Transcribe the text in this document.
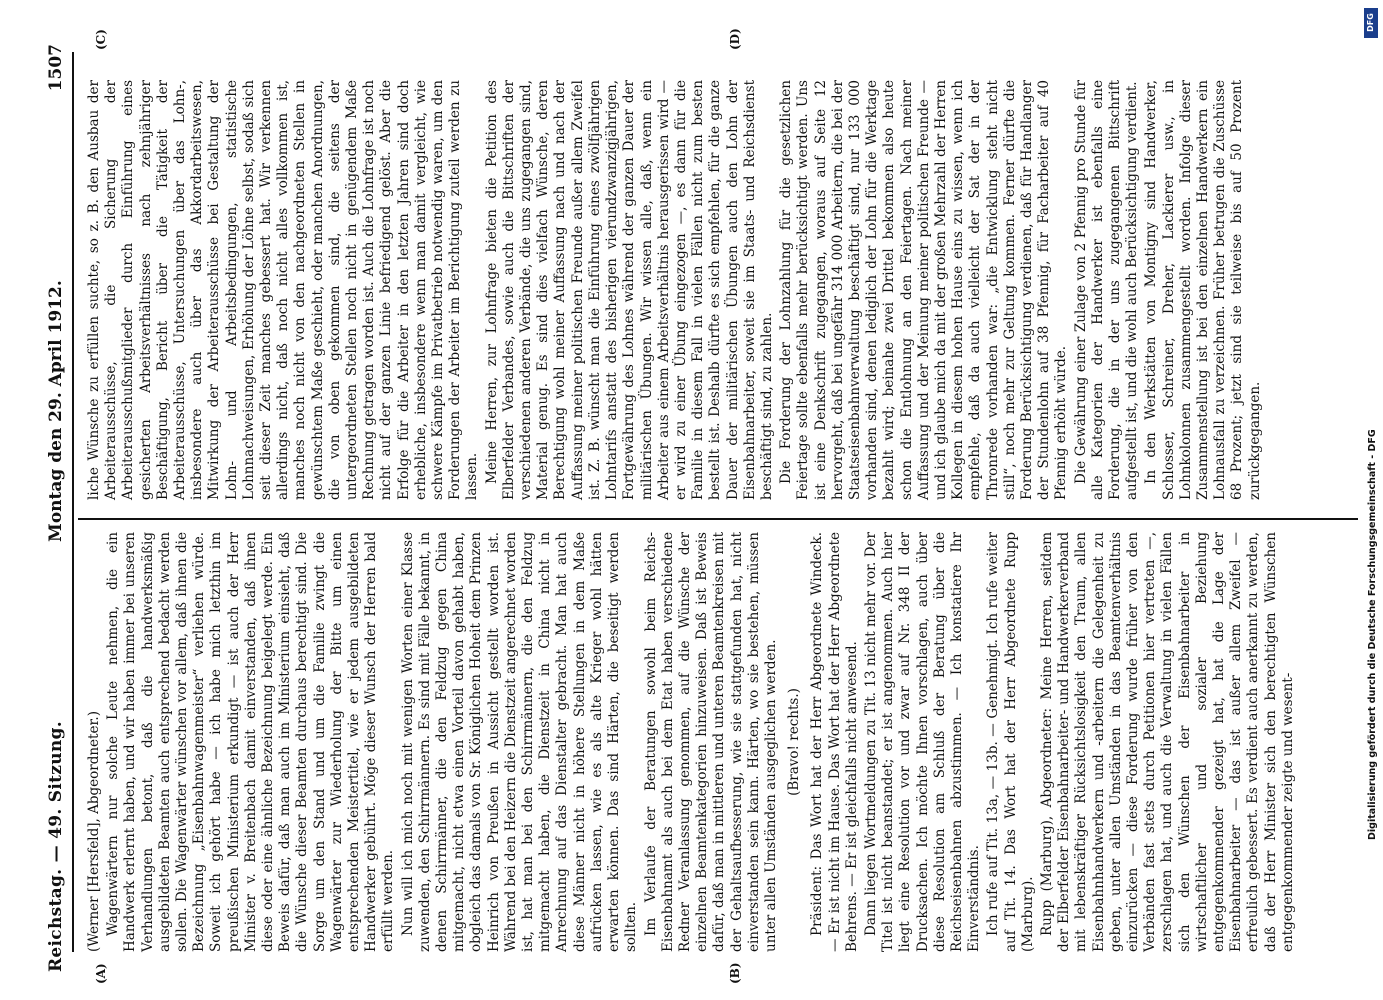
Reichstag. — 49. Sitzung.
Montag den 29. April 1912.
1507
(A)	(B)
(C)	(D)

(Werner [Hersfeld], Abgeordneter.) Wagenwärtern nur solche Leute nehmen, die ein Handwerk erlernt haben, und wir haben immer bei unseren Verhandlungen betont, daß die handwerksmäßig ausgebildeten Beamten auch entsprechend bedacht werden sollen. Die Wagenwärter wünschen vor allem, daß ihnen die Bezeichnung „Eisenbahnwagenmeister“ verliehen würde. Soweit ich gehört habe — ich habe mich letzthin im preußischen Ministerium erkundigt — ist auch der Herr Minister v. Breitenbach damit einverstanden, daß ihnen diese oder eine ähnliche Bezeichnung beigelegt werde. Ein Beweis dafür, daß man auch im Ministerium einsieht, daß die Wünsche dieser Beamten durchaus berechtigt sind. Die Sorge um den Stand und um die Familie zwingt die Wagenwärter zur Wiederholung der Bitte um einen entsprechenden Meistertitel, wie er jedem ausgebildeten Handwerker gebührt. Möge dieser Wunsch der Herren bald erfüllt werden. Nun will ich mich noch mit wenigen Worten einer Klasse zuwenden, den Schirrmännern. Es sind mit Fälle bekannt, in denen Schirrmänner, die den Feldzug gegen China mitgemacht, nicht etwa einen Vorteil davon gehabt haben, obgleich das damals von Sr. Königlichen Hoheit dem Prinzen Heinrich von Preußen in Aussicht gestellt worden ist. Während bei den Heizern die Dienstzeit angerechnet worden ist, hat man bei den Schirrmännern, die den Feldzug mitgemacht haben, die Dienstzeit in China nicht in Anrechnung auf das Dienstalter gebracht. Man hat auch diese Männer nicht in höhere Stellungen in dem Maße aufrücken lassen, wie es als alte Krieger wohl hätten erwarten können. Das sind Härten, die beseitigt werden sollten. Im Verlaufe der Beratungen sowohl beim Reichs-Eisenbahnamt als auch bei dem Etat haben verschiedene Redner Veranlassung genommen, auf die Wünsche der einzelnen Beamtenkategorien hinzuweisen. Daß ist Beweis dafür, daß man in mittleren und unteren Beamtenkreisen mit der Gehaltsaufbesserung, wie sie stattgefunden hat, nicht einverstanden sein kann. Härten, wo sie bestehen, müssen unter allen Umständen ausgeglichen werden. (Bravo! rechts.) Präsident: Das Wort hat der Herr Abgeordnete Windeck. — Er ist nicht im Hause. Das Wort hat der Herr Abgeordnete Behrens. — Er ist gleichfalls nicht anwesend. Dann liegen Wortmeldungen zu Tit. 13 nicht mehr vor. Der Titel ist nicht beanstandet; er ist angenommen. Auch hier liegt eine Resolution vor und zwar auf Nr. 348 II der Drucksachen. Ich möchte Ihnen vorschlagen, auch über diese Resolution am Schluß der Beratung über die Reichseisenbahnen abzustimmen. — Ich konstatiere Ihr Einverständnis. Ich rufe auf Tit. 13a, — 13b. — Genehmigt. Ich rufe weiter auf Tit. 14. Das Wort hat der Herr Abgeordnete Rupp (Marburg). Rupp (Marburg), Abgeordneter: Meine Herren, seitdem der Elberfelder Eisenbahnarbeiter- und Handwerkerverband mit lebenskräftiger Rücksichtslosigkeit den Traum, allen Eisenbahnhandwerkern und -arbeitern die Gelegenheit zu geben, unter allen Umständen in das Beamtenverhältnis einzurücken — diese Forderung wurde früher von den Verbänden fast stets durch Petitionen hier vertreten —, zerschlagen hat, und auch die Verwaltung in vielen Fällen sich den Wünschen der Eisenbahnarbeiter in wirtschaftlicher und sozialer Beziehung entgegenkommender gezeigt hat, hat die Lage der Eisenbahnarbeiter — das ist außer allem Zweifel — erfreulich gebessert. Es verdient auch anerkannt zu werden, daß der Herr Minister sich den berechtigten Wünschen entgegenkommender zeigte und wesent-

liche Wünsche zu erfüllen suchte, so z. B. den Ausbau der Arbeiterausschüsse, die Sicherung der Arbeiterausschußmitglieder durch Einführung eines gesicherten Arbeitsverhältnisses nach zehnjähriger Beschäftigung, Bericht über die Tätigkeit der Arbeiterausschüsse, Untersuchungen über das Lohn-, insbesondere auch über das Akkordarbeitswesen, Mitwirkung der Arbeiterausschüsse bei Gestaltung der Lohn- und Arbeitsbedingungen, statistische Lohnnachweisungen, Erhöhung der Löhne selbst, sodaß sich seit dieser Zeit manches gebessert hat. Wir verkennen allerdings nicht, daß noch nicht alles vollkommen ist, manches noch nicht von den nachgeordneten Stellen in gewünschtem Maße geschieht, oder manchen Anordnungen, die von oben gekommen sind, die seitens der untergeordneten Stellen noch nicht in genügendem Maße Rechnung getragen worden ist. Auch die Lohnfrage ist noch nicht auf der ganzen Linie befriedigend gelöst. Aber die Erfolge für die Arbeiter in den letzten Jahren sind doch erhebliche, insbesondere wenn man damit vergleicht, wie schwere Kämpfe im Privatbetrieb notwendig waren, um den Forderungen der Arbeiter im Berichtigung zuteil werden zu lassen. Meine Herren, zur Lohnfrage bieten die Petition des Elberfelder Verbandes, sowie auch die Bittschriften der verschiedenen anderen Verbände, die uns zugegangen sind, Material genug. Es sind dies vielfach Wünsche, deren Berechtigung wohl meiner Auffassung nach und nach der Auffassung meiner politischen Freunde außer allem Zweifel ist. Z. B. wünscht man die Einführung eines zwölfjährigen Lohntarifs anstatt des bisherigen vierundzwanzigjährigen, Fortgewährung des Lohnes während der ganzen Dauer der militärischen Übungen. Wir wissen alle, daß, wenn ein Arbeiter aus einem Arbeitsverhältnis herausgerissen wird — er wird zu einer Übung eingezogen —, es dann für die Familie in diesem Fall in vielen Fällen nicht zum besten bestellt ist. Deshalb dürfte es sich empfehlen, für die ganze Dauer der militärischen Übungen auch den Lohn der Eisenbahnarbeiter, soweit sie im Staats- und Reichsdienst beschäftigt sind, zu zahlen. Die Forderung der Lohnzahlung für die gesetzlichen Feiertage sollte ebenfalls mehr berücksichtigt werden. Uns ist eine Denkschrift zugegangen, woraus auf Seite 12 hervorgeht, daß bei ungefähr 314 000 Arbeitern, die bei der Staatseisenbahnverwaltung beschäftigt sind, nur 133 000 vorhanden sind, denen lediglich der Lohn für die Werktage bezahlt wird; beinahe zwei Drittel bekommen also heute schon die Entlohnung an den Feiertagen. Nach meiner Auffassung und der Meinung meiner politischen Freunde — und ich glaube mich da mit der großen Mehrzahl der Herren Kollegen in diesem hohen Hause eins zu wissen, wenn ich empfehle, daß da auch vielleicht der Sat der in der Thronrede vorhanden war: „die Entwicklung steht nicht still“, noch mehr zur Geltung kommen. Ferner dürfte die Forderung Berücksichtigung verdienen, daß für Handlanger der Stundenlohn auf 38 Pfennig, für Facharbeiter auf 40 Pfennig erhöht würde. Die Gewährung einer Zulage von 2 Pfennig pro Stunde für alle Kategorien der Handwerker ist ebenfalls eine Forderung, die in der uns zugegangenen Bittschrift aufgestellt ist, und die wohl auch Berücksichtigung verdient. In den Werkstätten von Montigny sind Handwerker, Schlosser, Schreiner, Dreher, Lackierer usw., in Lohnkolonnen zusammengestellt worden. Infolge dieser Zusammenstellung ist bei den einzelnen Handwerkern ein Lohnausfall zu verzeichnen. Früher betrugen die Zuschüsse 68 Prozent; jetzt sind sie teilweise bis auf 50 Prozent zurückgegangen.	Digitalisierung gefördert durch die Deutsche Forschungsgemeinschaft - DFG
DFG
